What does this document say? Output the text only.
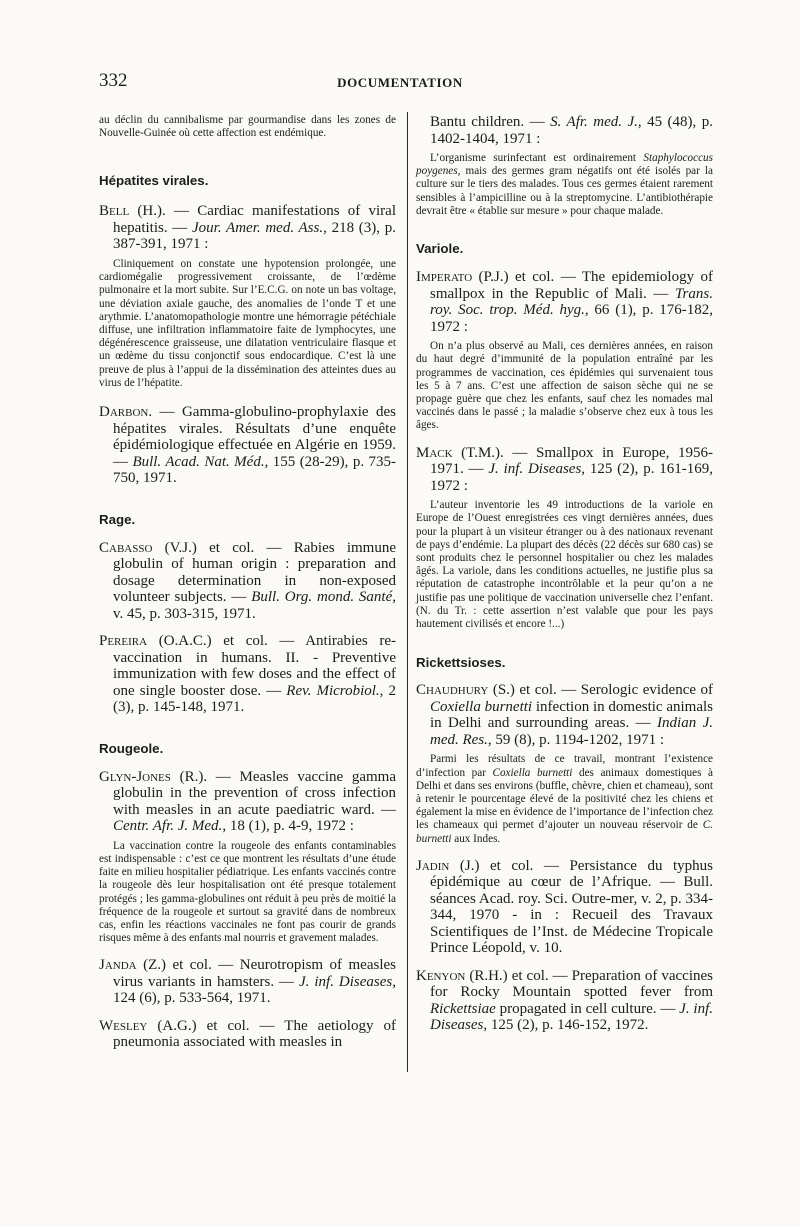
332	DOCUMENTATION
au déclin du cannibalisme par gourmandise dans les zones de Nouvelle-Guinée où cette affection est endémique.
Hépatites virales.
Bell (H.). — Cardiac manifestations of viral hepatitis. — Jour. Amer. med. Ass., 218 (3), p. 387-391, 1971 :
Cliniquement on constate une hypotension prolongée, une cardiomégalie progressivement croissante, de l’œdème pulmonaire et la mort subite. Sur l’E.C.G. on note un bas voltage, une déviation axiale gauche, des anomalies de l’onde T et une arythmie. L’anatomopathologie montre une hémorragie pétéchiale diffuse, une infiltration inflammatoire faite de lymphocytes, une dégénérescence graisseuse, une dilatation ventriculaire flasque et un œdème du tissu conjonctif sous endocardique. C’est là une preuve de plus à l’appui de la dissémination des atteintes dues au virus de l’hépatite.
Darbon. — Gamma-globulino-prophylaxie des hépatites virales. Résultats d’une enquête épidémiologique effectuée en Algérie en 1959. — Bull. Acad. Nat. Méd., 155 (28-29), p. 735-750, 1971.
Rage.
Cabasso (V.J.) et col. — Rabies immune globulin of human origin : preparation and dosage determination in non-exposed volunteer subjects. — Bull. Org. mond. Santé, v. 45, p. 303-315, 1971.
Pereira (O.A.C.) et col. — Antirabies re-vaccination in humans. II. - Preventive immunization with few doses and the effect of one single booster dose. — Rev. Microbiol., 2 (3), p. 145-148, 1971.
Rougeole.
Glyn-Jones (R.). — Measles vaccine gamma globulin in the prevention of cross infection with measles in an acute paediatric ward. — Centr. Afr. J. Med., 18 (1), p. 4-9, 1972 :
La vaccination contre la rougeole des enfants contaminables est indispensable : c’est ce que montrent les résultats d’une étude faite en milieu hospitalier pédiatrique. Les enfants vaccinés contre la rougeole dès leur hospitalisation ont été presque totalement protégés ; les gamma-globulines ont réduit à peu près de moitié la fréquence de la rougeole et surtout sa gravité dans de nombreux cas, enfin les réactions vaccinales ne font pas courir de grands risques même à des enfants mal nourris et gravement malades.
Janda (Z.) et col. — Neurotropism of measles virus variants in hamsters. — J. inf. Diseases, 124 (6), p. 533-564, 1971.
Wesley (A.G.) et col. — The aetiology of pneumonia associated with measles in
Bantu children. — S. Afr. med. J., 45 (48), p. 1402-1404, 1971 :
L’organisme surinfectant est ordinairement Staphylococcus poygenes, mais des germes gram négatifs ont été isolés par la culture sur le tiers des malades. Tous ces germes étaient rarement sensibles à l’ampicilline ou à la streptomycine. L’antibiothérapie devrait être « établie sur mesure » pour chaque malade.
Variole.
Imperato (P.J.) et col. — The epidemiology of smallpox in the Republic of Mali. — Trans. roy. Soc. trop. Méd. hyg., 66 (1), p. 176-182, 1972 :
On n’a plus observé au Mali, ces dernières années, en raison du haut degré d’immunité de la population entraîné par les programmes de vaccination, ces épidémies qui survenaient tous les 5 à 7 ans. C’est une affection de saison sèche qui ne se propage guère que chez les enfants, sauf chez les nomades mal vaccinés dans le passé ; la maladie s’observe chez eux à tous les âges.
Mack (T.M.). — Smallpox in Europe, 1956-1971. — J. inf. Diseases, 125 (2), p. 161-169, 1972 :
L’auteur inventorie les 49 introductions de la variole en Europe de l’Ouest enregistrées ces vingt dernières années, dues pour la plupart à un visiteur étranger ou à des nationaux revenant de pays d’endémie. La plupart des décès (22 décès sur 680 cas) se sont produits chez le personnel hospitalier ou chez les malades âgés. La variole, dans les conditions actuelles, ne justifie plus sa réputation de catastrophe incontrôlable et la peur qu’on a ne justifie pas une politique de vaccination universelle chez l’enfant. (N. du Tr. : cette assertion n’est valable que pour les pays hautement civilisés et encore !...)
Rickettsioses.
Chaudhury (S.) et col. — Serologic evidence of Coxiella burnetti infection in domestic animals in Delhi and surrounding areas. — Indian J. med. Res., 59 (8), p. 1194-1202, 1971 :
Parmi les résultats de ce travail, montrant l’existence d’infection par Coxiella burnetti des animaux domestiques à Delhi et dans ses environs (buffle, chèvre, chien et chameau), sont à retenir le pourcentage élevé de la positivité chez les chiens et également la mise en évidence de l’importance de l’infection chez les chameaux qui permet d’ajouter un nouveau réservoir de C. burnetti aux Indes.
Jadin (J.) et col. — Persistance du typhus épidémique au cœur de l’Afrique. — Bull. séances Acad. roy. Sci. Outre-mer, v. 2, p. 334-344, 1970 - in : Recueil des Travaux Scientifiques de l’Inst. de Médecine Tropicale Prince Léopold, v. 10.
Kenyon (R.H.) et col. — Preparation of vaccines for Rocky Mountain spotted fever from Rickettsiae propagated in cell culture. — J. inf. Diseases, 125 (2), p. 146-152, 1972.
